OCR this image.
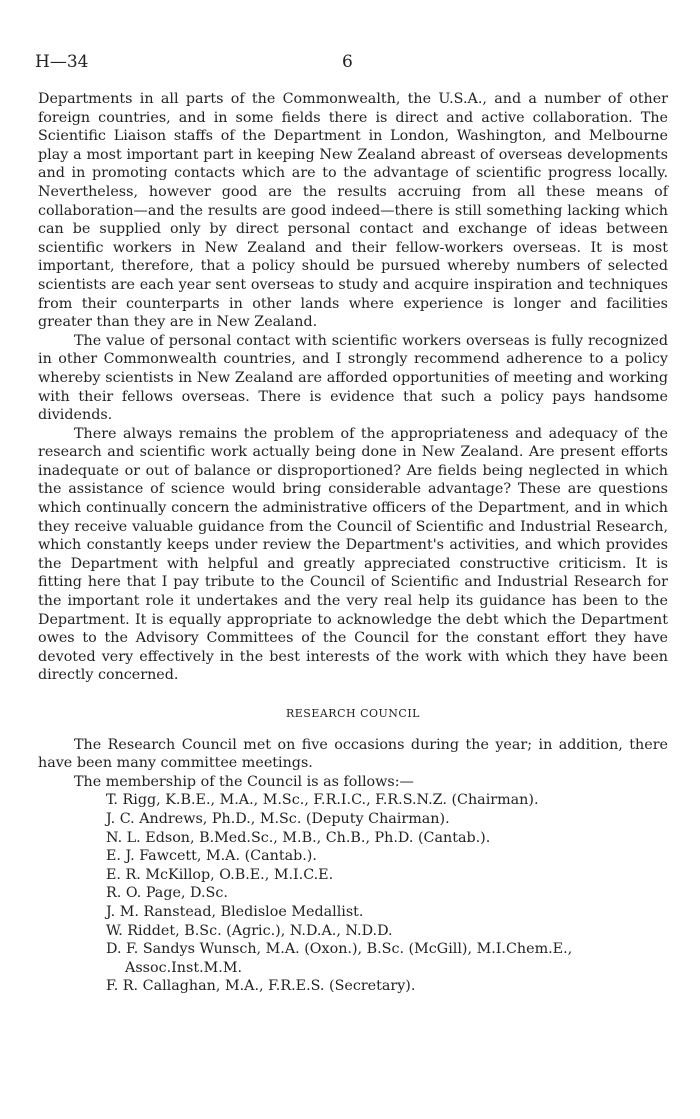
H—34	6

Departments in all parts of the Commonwealth, the U.S.A., and a number of other foreign countries, and in some fields there is direct and active collaboration. The Scientific Liaison staffs of the Department in London, Washington, and Melbourne play a most important part in keeping New Zealand abreast of overseas developments and in promoting contacts which are to the advantage of scientific progress locally. Nevertheless, however good are the results accruing from all these means of collaboration—and the results are good indeed—there is still something lacking which can be supplied only by direct personal contact and exchange of ideas between scientific workers in New Zealand and their fellow-workers overseas. It is most important, therefore, that a policy should be pursued whereby numbers of selected scientists are each year sent overseas to study and acquire inspiration and techniques from their counterparts in other lands where experience is longer and facilities greater than they are in New Zealand.

The value of personal contact with scientific workers overseas is fully recognized in other Commonwealth countries, and I strongly recommend adherence to a policy whereby scientists in New Zealand are afforded opportunities of meeting and working with their fellows overseas. There is evidence that such a policy pays handsome dividends.

There always remains the problem of the appropriateness and adequacy of the research and scientific work actually being done in New Zealand. Are present efforts inadequate or out of balance or disproportioned? Are fields being neglected in which the assistance of science would bring considerable advantage? These are questions which continually concern the administrative officers of the Department, and in which they receive valuable guidance from the Council of Scientific and Industrial Research, which constantly keeps under review the Department's activities, and which provides the Department with helpful and greatly appreciated constructive criticism. It is fitting here that I pay tribute to the Council of Scientific and Industrial Research for the important role it undertakes and the very real help its guidance has been to the Department. It is equally appropriate to acknowledge the debt which the Department owes to the Advisory Committees of the Council for the constant effort they have devoted very effectively in the best interests of the work with which they have been directly concerned.

RESEARCH COUNCIL

The Research Council met on five occasions during the year; in addition, there have been many committee meetings.

The membership of the Council is as follows:—

T. Rigg, K.B.E., M.A., M.Sc., F.R.I.C., F.R.S.N.Z. (Chairman).
J. C. Andrews, Ph.D., M.Sc. (Deputy Chairman).
N. L. Edson, B.Med.Sc., M.B., Ch.B., Ph.D. (Cantab.).
E. J. Fawcett, M.A. (Cantab.).
E. R. McKillop, O.B.E., M.I.C.E.
R. O. Page, D.Sc.
J. M. Ranstead, Bledisloe Medallist.
W. Riddet, B.Sc. (Agric.), N.D.A., N.D.D.
D. F. Sandys Wunsch, M.A. (Oxon.), B.Sc. (McGill), M.I.Chem.E.,
Assoc.Inst.M.M.
F. R. Callaghan, M.A., F.R.E.S. (Secretary).
